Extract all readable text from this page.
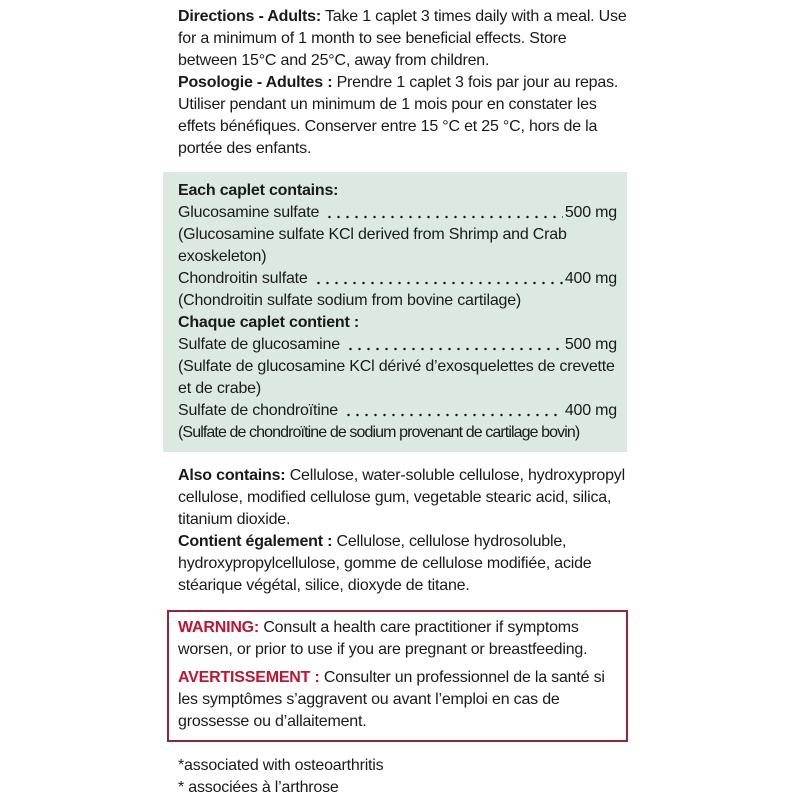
Directions - Adults: Take 1 caplet 3 times daily with a meal. Use for a minimum of 1 month to see beneficial effects. Store between 15°C and 25°C, away from children.

Posologie - Adultes : Prendre 1 caplet 3 fois par jour au repas. Utiliser pendant un minimum de 1 mois pour en constater les effets bénéfiques. Conserver entre 15 °C et 25 °C, hors de la portée des enfants.

Each caplet contains:
Glucosamine sulfate	500 mg
(Glucosamine sulfate KCl derived from Shrimp and Crab exoskeleton)
Chondroitin sulfate	400 mg
(Chondroitin sulfate sodium from bovine cartilage)
Chaque caplet contient :
Sulfate de glucosamine	500 mg
(Sulfate de glucosamine KCl dérivé d’exosquelettes de crevette et de crabe)
Sulfate de chondroïtine	400 mg
(Sulfate de chondroïtine de sodium provenant de cartilage bovin)

Also contains: Cellulose, water-soluble cellulose, hydroxypropyl cellulose, modified cellulose gum, vegetable stearic acid, silica, titanium dioxide.

Contient également : Cellulose, cellulose hydrosoluble, hydroxypropylcellulose, gomme de cellulose modifiée, acide stéarique végétal, silice, dioxyde de titane.

WARNING: Consult a health care practitioner if symptoms worsen, or prior to use if you are pregnant or breastfeeding.

AVERTISSEMENT : Consulter un professionnel de la santé si les symptômes s’aggravent ou avant l’emploi en cas de grossesse ou d’allaitement.

*associated with osteoarthritis

* associées à l’arthrose
